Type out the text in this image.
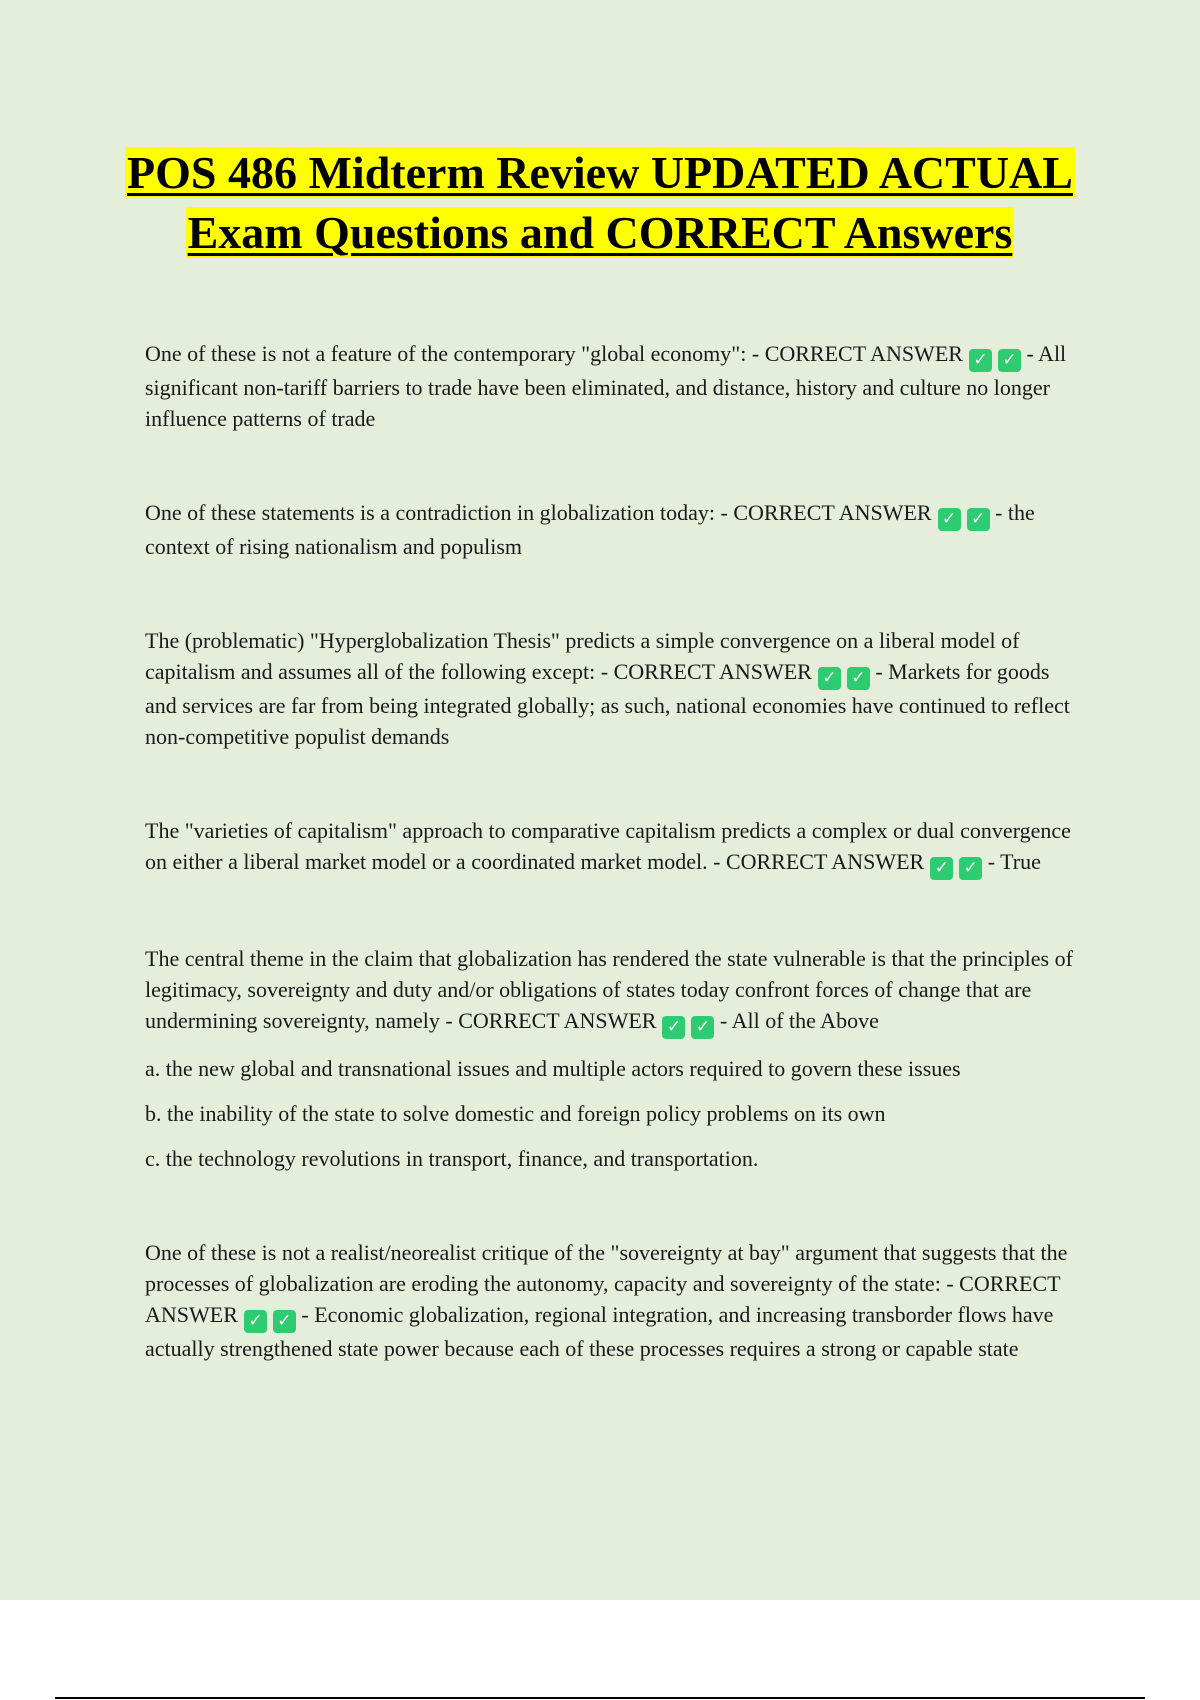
POS 486 Midterm Review UPDATED ACTUAL Exam Questions and CORRECT Answers

One of these is not a feature of the contemporary "global economy": - CORRECT ANSWER ✓ ✓ - All significant non-tariff barriers to trade have been eliminated, and distance, history and culture no longer influence patterns of trade

One of these statements is a contradiction in globalization today: - CORRECT ANSWER ✓ ✓ - the context of rising nationalism and populism

The (problematic) "Hyperglobalization Thesis" predicts a simple convergence on a liberal model of capitalism and assumes all of the following except: - CORRECT ANSWER ✓ ✓ - Markets for goods and services are far from being integrated globally; as such, national economies have continued to reflect non-competitive populist demands

The "varieties of capitalism" approach to comparative capitalism predicts a complex or dual convergence on either a liberal market model or a coordinated market model. - CORRECT ANSWER ✓ ✓ - True

The central theme in the claim that globalization has rendered the state vulnerable is that the principles of legitimacy, sovereignty and duty and/or obligations of states today confront forces of change that are undermining sovereignty, namely - CORRECT ANSWER ✓ ✓ - All of the Above

a. the new global and transnational issues and multiple actors required to govern these issues

b. the inability of the state to solve domestic and foreign policy problems on its own

c. the technology revolutions in transport, finance, and transportation.

One of these is not a realist/neorealist critique of the "sovereignty at bay" argument that suggests that the processes of globalization are eroding the autonomy, capacity and sovereignty of the state: - CORRECT ANSWER ✓ ✓ - Economic globalization, regional integration, and increasing transborder flows have actually strengthened state power because each of these processes requires a strong or capable state
